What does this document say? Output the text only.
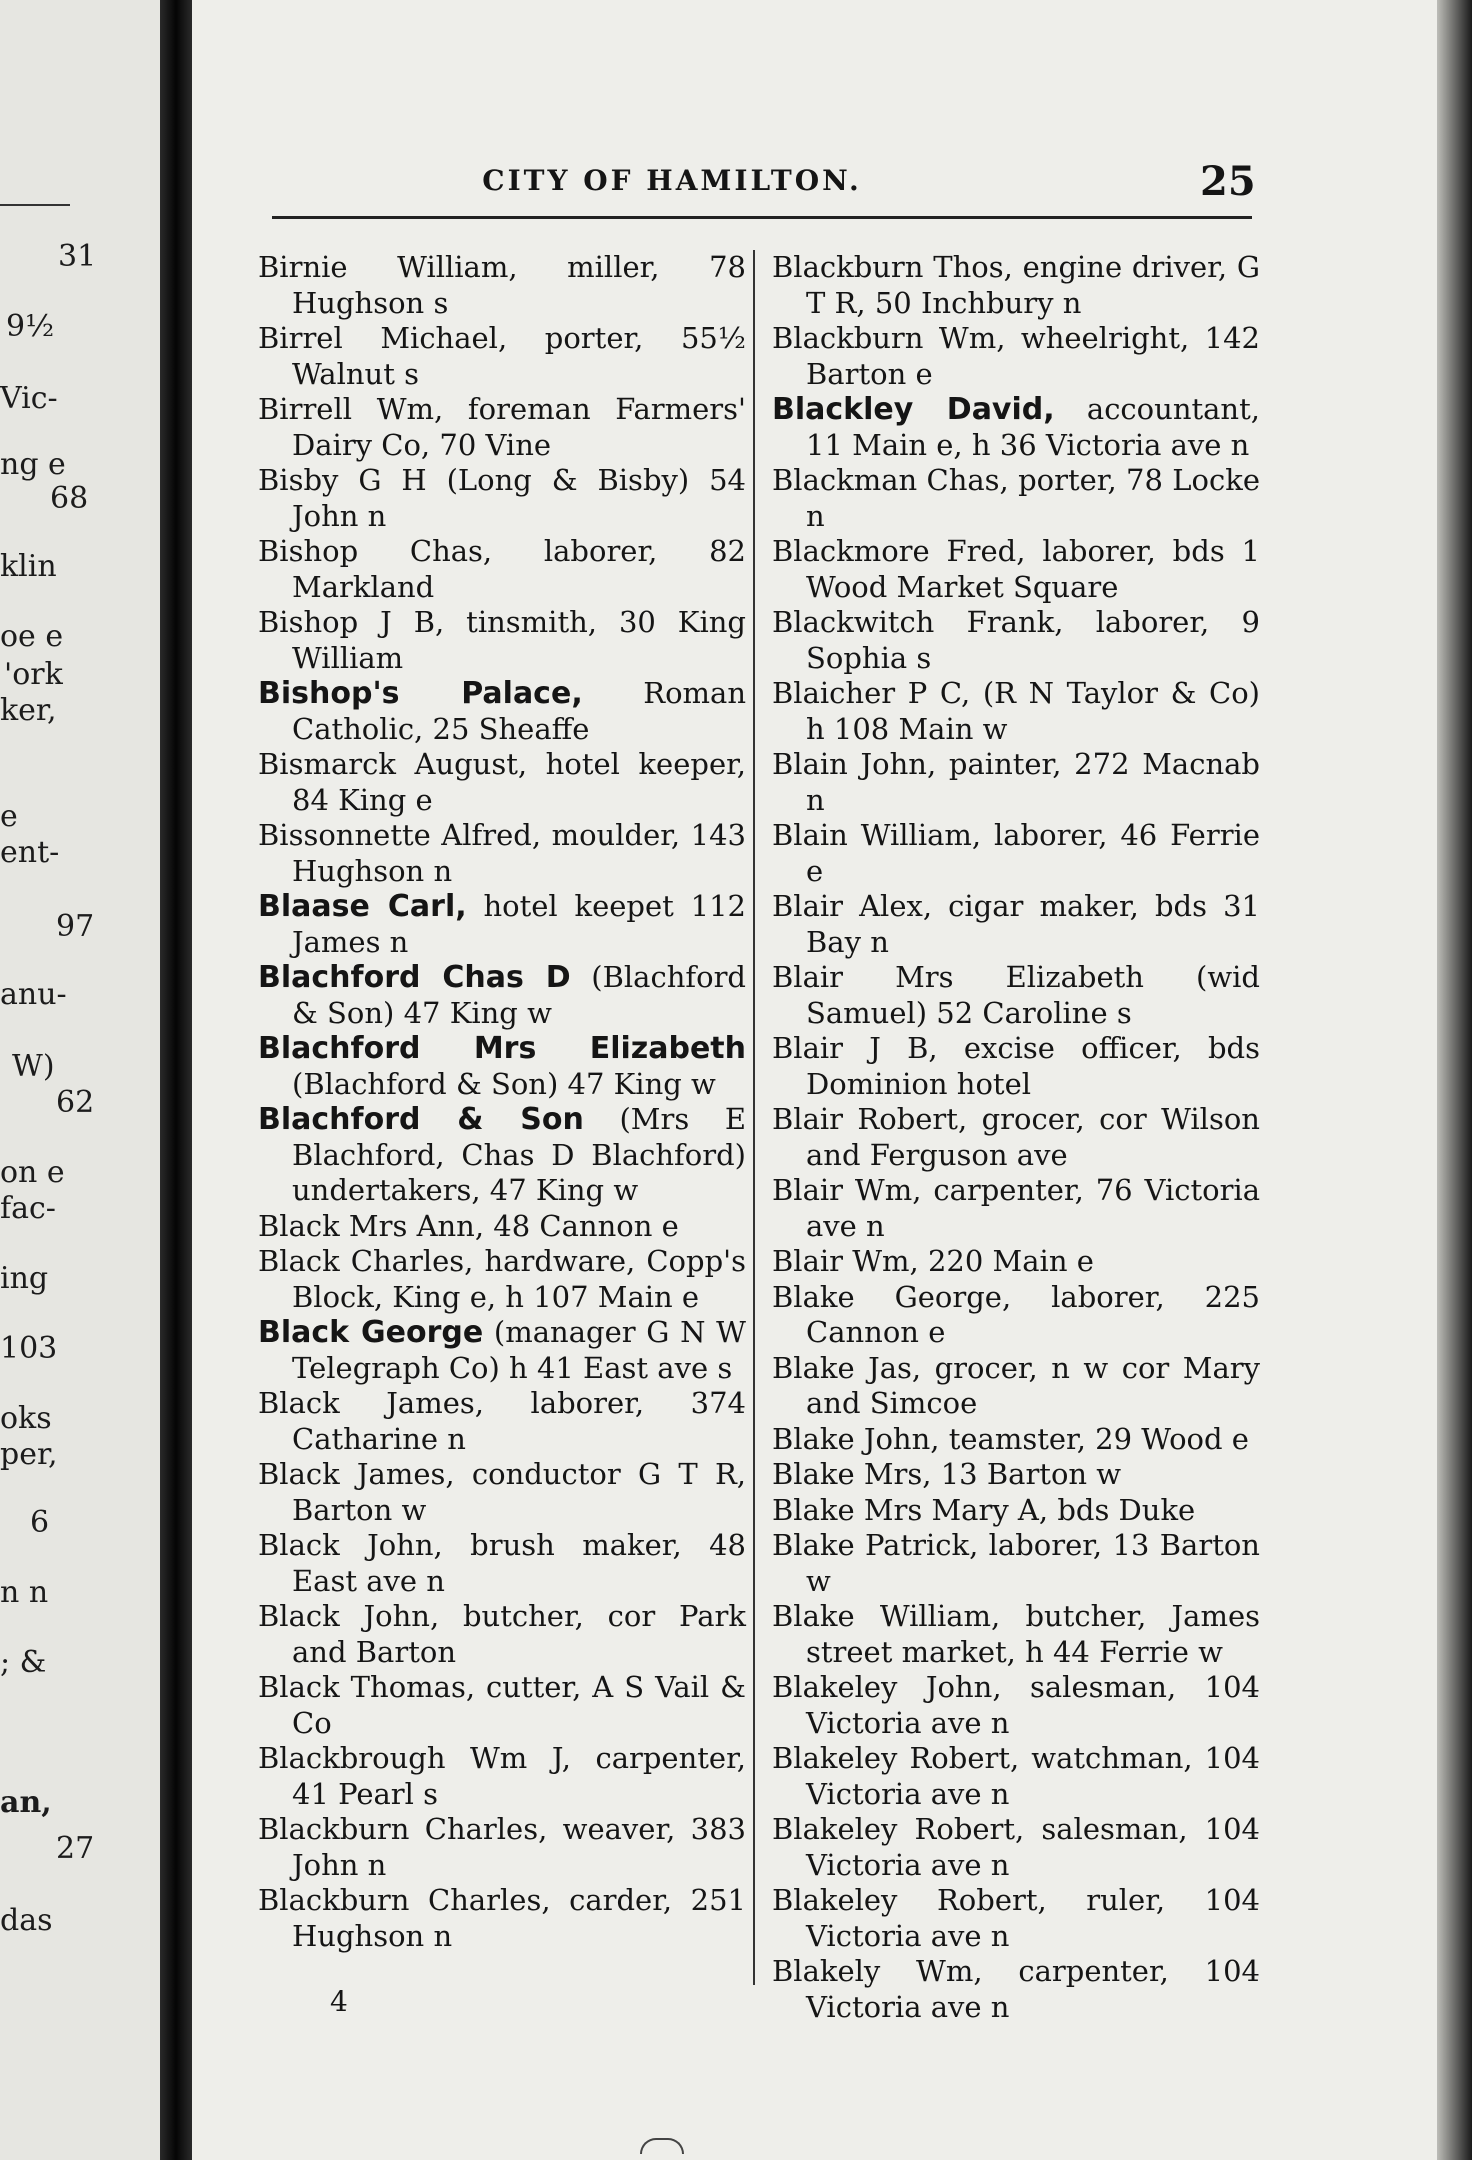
31
9½
Vic-
ng e
68
klin
oe e
'ork
ker,
e
ent-
97
anu-
W)
62
on e
fac-
ing
103
oks
per,
6
n n
; &
an,
27
das
CITY OF HAMILTON.	25

Birnie William, miller, 78 Hughson s

Birrel Michael, porter, 55½ Walnut s

Birrell Wm, foreman Farmers' Dairy Co, 70 Vine

Bisby G H (Long & Bisby) 54 John n

Bishop Chas, laborer, 82 Markland

Bishop J B, tinsmith, 30 King William

Bishop's Palace, Roman Catholic, 25 Sheaffe

Bismarck August, hotel keeper, 84 King e

Bissonnette Alfred, moulder, 143 Hughson n

Blaase Carl, hotel keepet 112 James n

Blachford Chas D (Blachford & Son) 47 King w

Blachford Mrs Elizabeth (Blachford & Son) 47 King w

Blachford & Son (Mrs E Blachford, Chas D Blachford) undertakers, 47 King w

Black Mrs Ann, 48 Cannon e

Black Charles, hardware, Copp's Block, King e, h 107 Main e

Black George (manager G N W Telegraph Co) h 41 East ave s

Black James, laborer, 374 Catharine n

Black James, conductor G T R, Barton w

Black John, brush maker, 48 East ave n

Black John, butcher, cor Park and Barton

Black Thomas, cutter, A S Vail & Co

Blackbrough Wm J, carpenter, 41 Pearl s

Blackburn Charles, weaver, 383 John n

Blackburn Charles, carder, 251 Hughson n

Blackburn Thos, engine driver, G T R, 50 Inchbury n

Blackburn Wm, wheelright, 142 Barton e

Blackley David, accountant, 11 Main e, h 36 Victoria ave n

Blackman Chas, porter, 78 Locke n

Blackmore Fred, laborer, bds 1 Wood Market Square

Blackwitch Frank, laborer, 9 Sophia s

Blaicher P C, (R N Taylor & Co) h 108 Main w

Blain John, painter, 272 Macnab n

Blain William, laborer, 46 Ferrie e

Blair Alex, cigar maker, bds 31 Bay n

Blair Mrs Elizabeth (wid Samuel) 52 Caroline s

Blair J B, excise officer, bds Dominion hotel

Blair Robert, grocer, cor Wilson and Ferguson ave

Blair Wm, carpenter, 76 Victoria ave n

Blair Wm, 220 Main e

Blake George, laborer, 225 Cannon e

Blake Jas, grocer, n w cor Mary and Simcoe

Blake John, teamster, 29 Wood e

Blake Mrs, 13 Barton w

Blake Mrs Mary A, bds Duke

Blake Patrick, laborer, 13 Barton w

Blake William, butcher, James street market, h 44 Ferrie w

Blakeley John, salesman, 104 Victoria ave n

Blakeley Robert, watchman, 104 Victoria ave n

Blakeley Robert, salesman, 104 Victoria ave n

Blakeley Robert, ruler, 104 Victoria ave n

Blakely Wm, carpenter, 104 Victoria ave n

4
